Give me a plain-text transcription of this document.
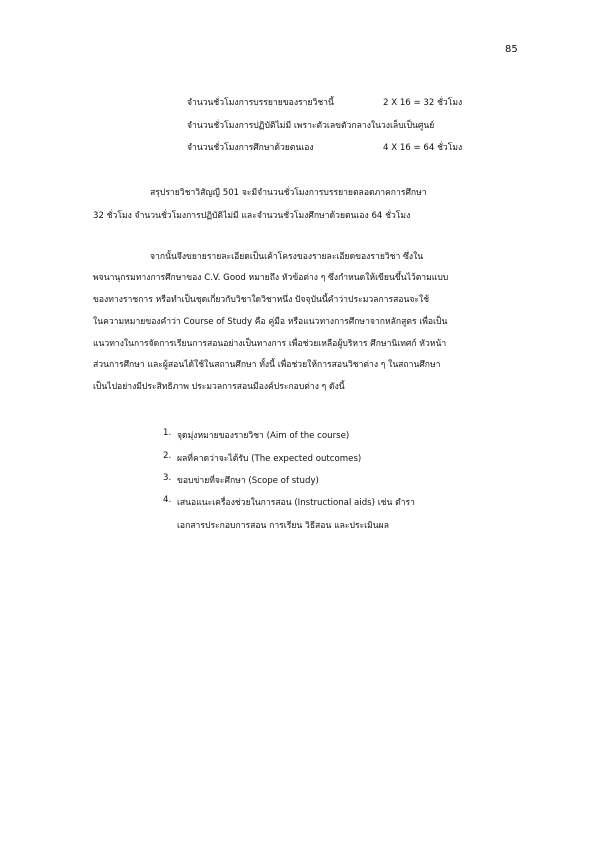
85
จำนวนชั่วโมงการบรรยายของรายวิชานี้	2 X 16 = 32 ชั่วโมง
จำนวนชั่วโมงการปฏิบัติไม่มี เพราะตัวเลขตัวกลางในวงเล็บเป็นศูนย์
จำนวนชั่วโมงการศึกษาด้วยตนเอง	4 X 16 = 64 ชั่วโมง
สรุปรายวิชาวิสัญญี 501 จะมีจำนวนชั่วโมงการบรรยายตลอดภาคการศึกษา
32 ชั่วโมง จำนวนชั่วโมงการปฏิบัติไม่มี และจำนวนชั่วโมงศึกษาด้วยตนเอง 64 ชั่วโมง
จากนั้นจึงขยายรายละเอียดเป็นเค้าโครงของรายละเอียดของรายวิชา ซึ่งใน
พจนานุกรมทางการศึกษาของ C.V. Good หมายถึง หัวข้อต่าง ๆ ซึ่งกำหนดให้เขียนขึ้นไว้ตามแบบ
ของทางราชการ หรือทำเป็นชุดเกี่ยวกับวิชาใดวิชาหนึ่ง ปัจจุบันนี้คำว่าประมวลการสอนจะใช้
ในความหมายของคำว่า Course of Study คือ คู่มือ หรือแนวทางการศึกษาจากหลักสูตร เพื่อเป็น
แนวทางในการจัดการเรียนการสอนอย่างเป็นทางการ เพื่อช่วยเหลือผู้บริหาร ศึกษานิเทศก์ หัวหน้า
ส่วนการศึกษา และผู้สอนได้ใช้ในสถานศึกษา ทั้งนี้ เพื่อช่วยให้การสอนวิชาต่าง ๆ ในสถานศึกษา
เป็นไปอย่างมีประสิทธิภาพ ประมวลการสอนมีองค์ประกอบต่าง ๆ ดังนี้
1. จุดมุ่งหมายของรายวิชา (Aim of the course)
2. ผลที่คาดว่าจะได้รับ (The expected outcomes)
3. ขอบข่ายที่จะศึกษา (Scope of study)
4. เสนอแนะเครื่องช่วยในการสอน (Instructional aids) เช่น ตำรา
เอกสารประกอบการสอน การเรียน วิธีสอน และประเมินผล
